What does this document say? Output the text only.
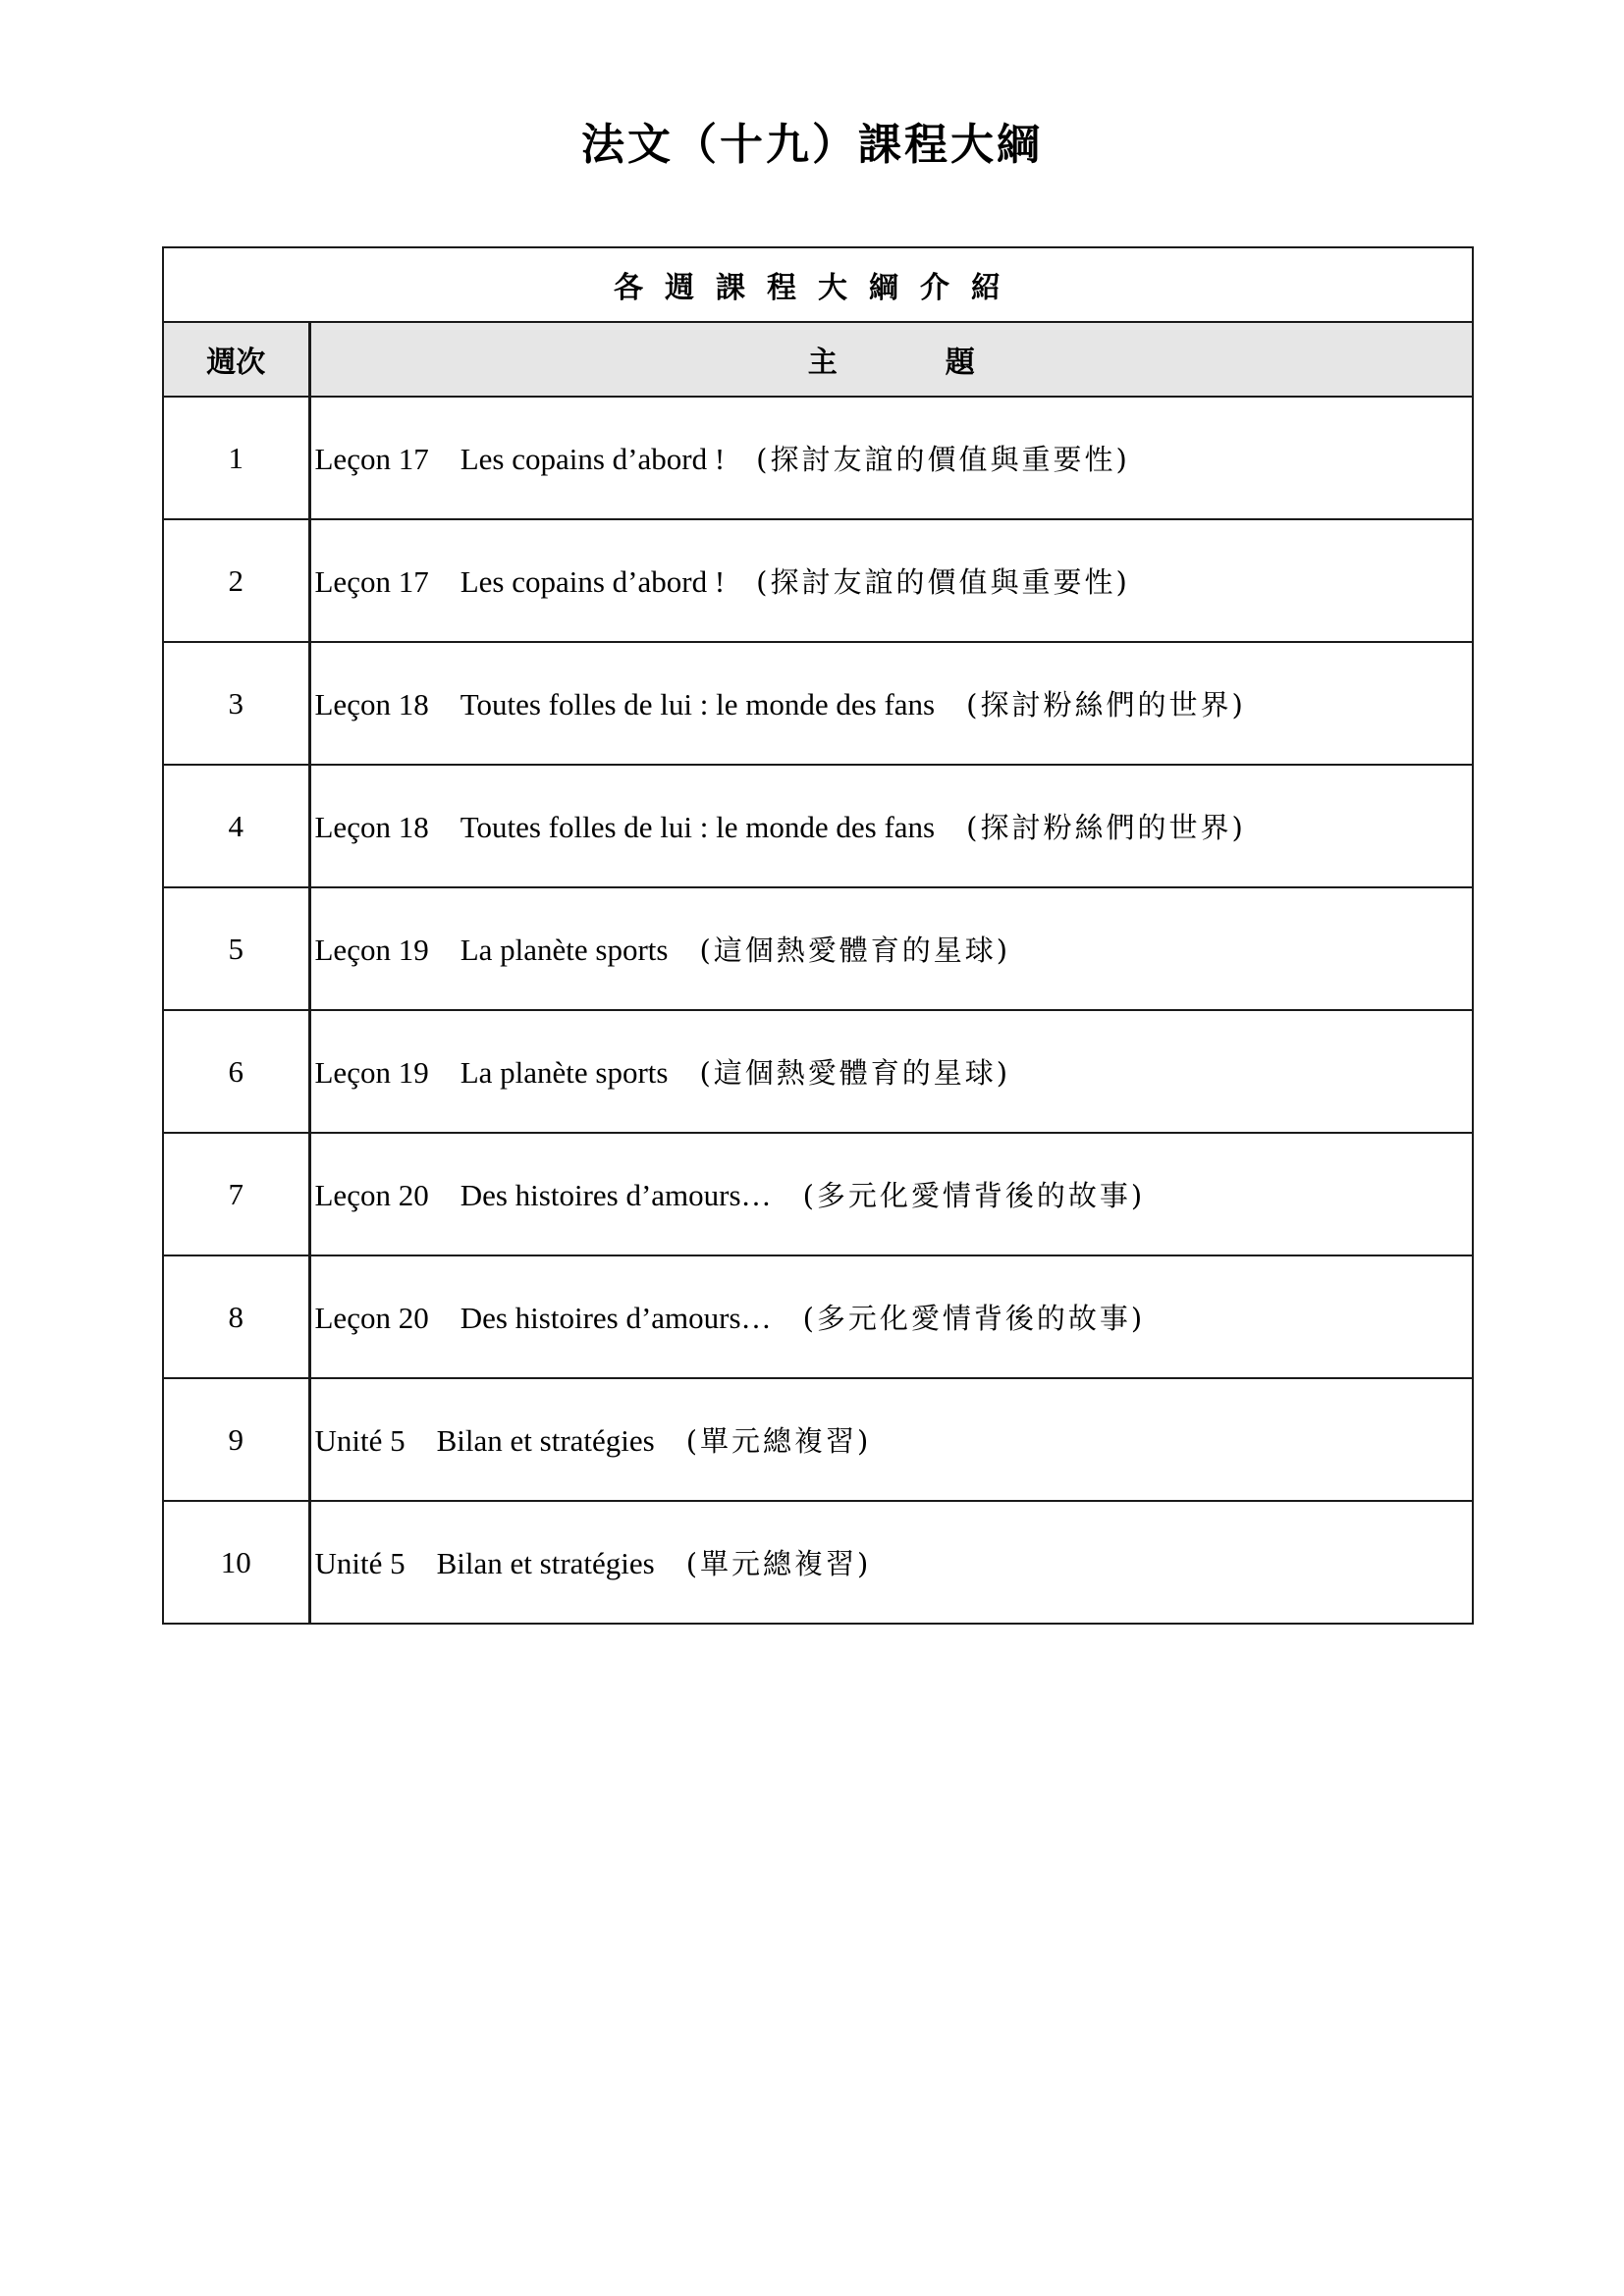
法文（十九）課程大綱
各週課程大綱介紹	
週次	主題
1	Leçon 17 Les copains d’abord ! (探討友誼的價值與重要性)
2	Leçon 17 Les copains d’abord ! (探討友誼的價值與重要性)
3	Leçon 18 Toutes folles de lui : le monde des fans (探討粉絲們的世界)
4	Leçon 18 Toutes folles de lui : le monde des fans (探討粉絲們的世界)
5	Leçon 19 La planète sports (這個熱愛體育的星球)
6	Leçon 19 La planète sports (這個熱愛體育的星球)
7	Leçon 20 Des histoires d’amours… (多元化愛情背後的故事)
8	Leçon 20 Des histoires d’amours… (多元化愛情背後的故事)
9	Unité 5 Bilan et stratégies (單元總複習)
10	Unité 5 Bilan et stratégies (單元總複習)
